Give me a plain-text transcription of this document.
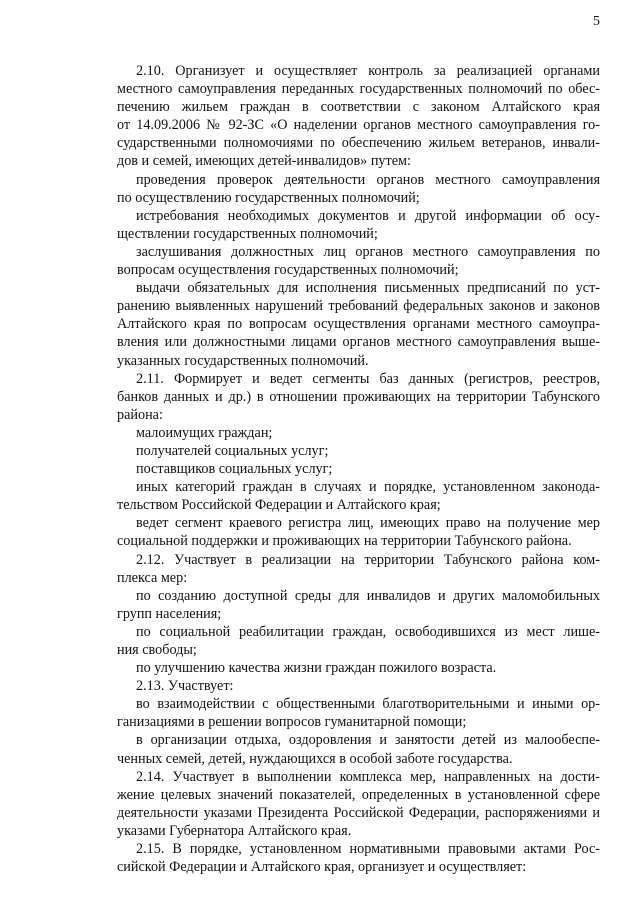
5
2.10. Организует и осуществляет контроль за реализацией органами
местного самоуправления переданных государственных полномочий по обес-
печению жильем граждан в соответствии с законом Алтайского края
от 14.09.2006 № 92-ЗС «О наделении органов местного самоуправления го-
сударственными полномочиями по обеспечению жильем ветеранов, инвали-
дов и семей, имеющих детей-инвалидов» путем:
проведения проверок деятельности органов местного самоуправления
по осуществлению государственных полномочий;
истребования необходимых документов и другой информации об осу-
ществлении государственных полномочий;
заслушивания должностных лиц органов местного самоуправления по
вопросам осуществления государственных полномочий;
выдачи обязательных для исполнения письменных предписаний по уст-
ранению выявленных нарушений требований федеральных законов и законов
Алтайского края по вопросам осуществления органами местного самоупра-
вления или должностными лицами органов местного самоуправления выше-
указанных государственных полномочий.
2.11. Формирует и ведет сегменты баз данных (регистров, реестров,
банков данных и др.) в отношении проживающих на территории Табунского
района:
малоимущих граждан;
получателей социальных услуг;
поставщиков социальных услуг;
иных категорий граждан в случаях и порядке, установленном законода-
тельством Российской Федерации и Алтайского края;
ведет сегмент краевого регистра лиц, имеющих право на получение мер
социальной поддержки и проживающих на территории Табунского района.
2.12. Участвует в реализации на территории Табунского района ком-
плекса мер:
по созданию доступной среды для инвалидов и других маломобильных
групп населения;
по социальной реабилитации граждан, освободившихся из мест лише-
ния свободы;
по улучшению качества жизни граждан пожилого возраста.
2.13. Участвует:
во взаимодействии с общественными благотворительными и иными ор-
ганизациями в решении вопросов гуманитарной помощи;
в организации отдыха, оздоровления и занятости детей из малообеспе-
ченных семей, детей, нуждающихся в особой заботе государства.
2.14. Участвует в выполнении комплекса мер, направленных на дости-
жение целевых значений показателей, определенных в установленной сфере
деятельности указами Президента Российской Федерации, распоряжениями и
указами Губернатора Алтайского края.
2.15. В порядке, установленном нормативными правовыми актами Рос-
сийской Федерации и Алтайского края, организует и осуществляет:
